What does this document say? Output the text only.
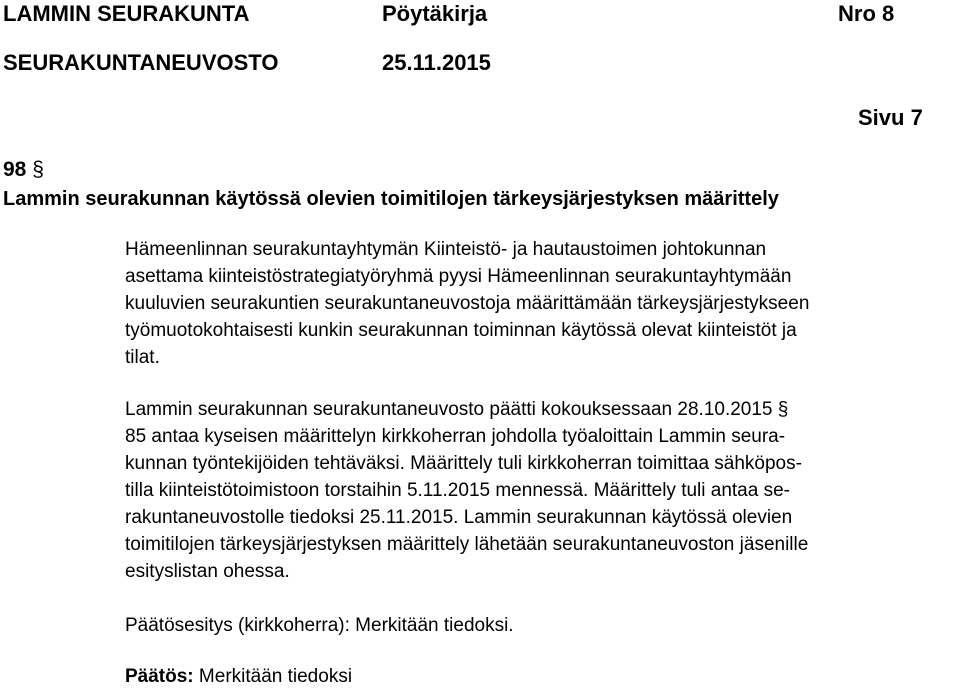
LAMMIN SEURAKUNTA	Pöytäkirja	Nro 8
SEURAKUNTANEUVOSTO	25.11.2015
Sivu 7
98 §
Lammin seurakunnan käytössä olevien toimitilojen tärkeysjärjestyksen määrittely
Hämeenlinnan seurakuntayhtymän Kiinteistö- ja hautaustoimen johtokunnan
asettama kiinteistöstrategiatyöryhmä pyysi Hämeenlinnan seurakuntayhtymään
kuuluvien seurakuntien seurakuntaneuvostoja määrittämään tärkeysjärjestykseen
työmuotokohtaisesti kunkin seurakunnan toiminnan käytössä olevat kiinteistöt ja
tilat.
Lammin seurakunnan seurakuntaneuvosto päätti kokouksessaan 28.10.2015 §
85 antaa kyseisen määrittelyn kirkkoherran johdolla työaloittain Lammin seura-
kunnan työntekijöiden tehtäväksi. Määrittely tuli kirkkoherran toimittaa sähköpos-
tilla kiinteistötoimistoon torstaihin 5.11.2015 mennessä. Määrittely tuli antaa se-
rakuntaneuvostolle tiedoksi 25.11.2015. Lammin seurakunnan käytössä olevien
toimitilojen tärkeysjärjestyksen määrittely lähetään seurakuntaneuvoston jäsenille
esityslistan ohessa.
Päätösesitys (kirkkoherra): Merkitään tiedoksi.
Päätös: Merkitään tiedoksi
